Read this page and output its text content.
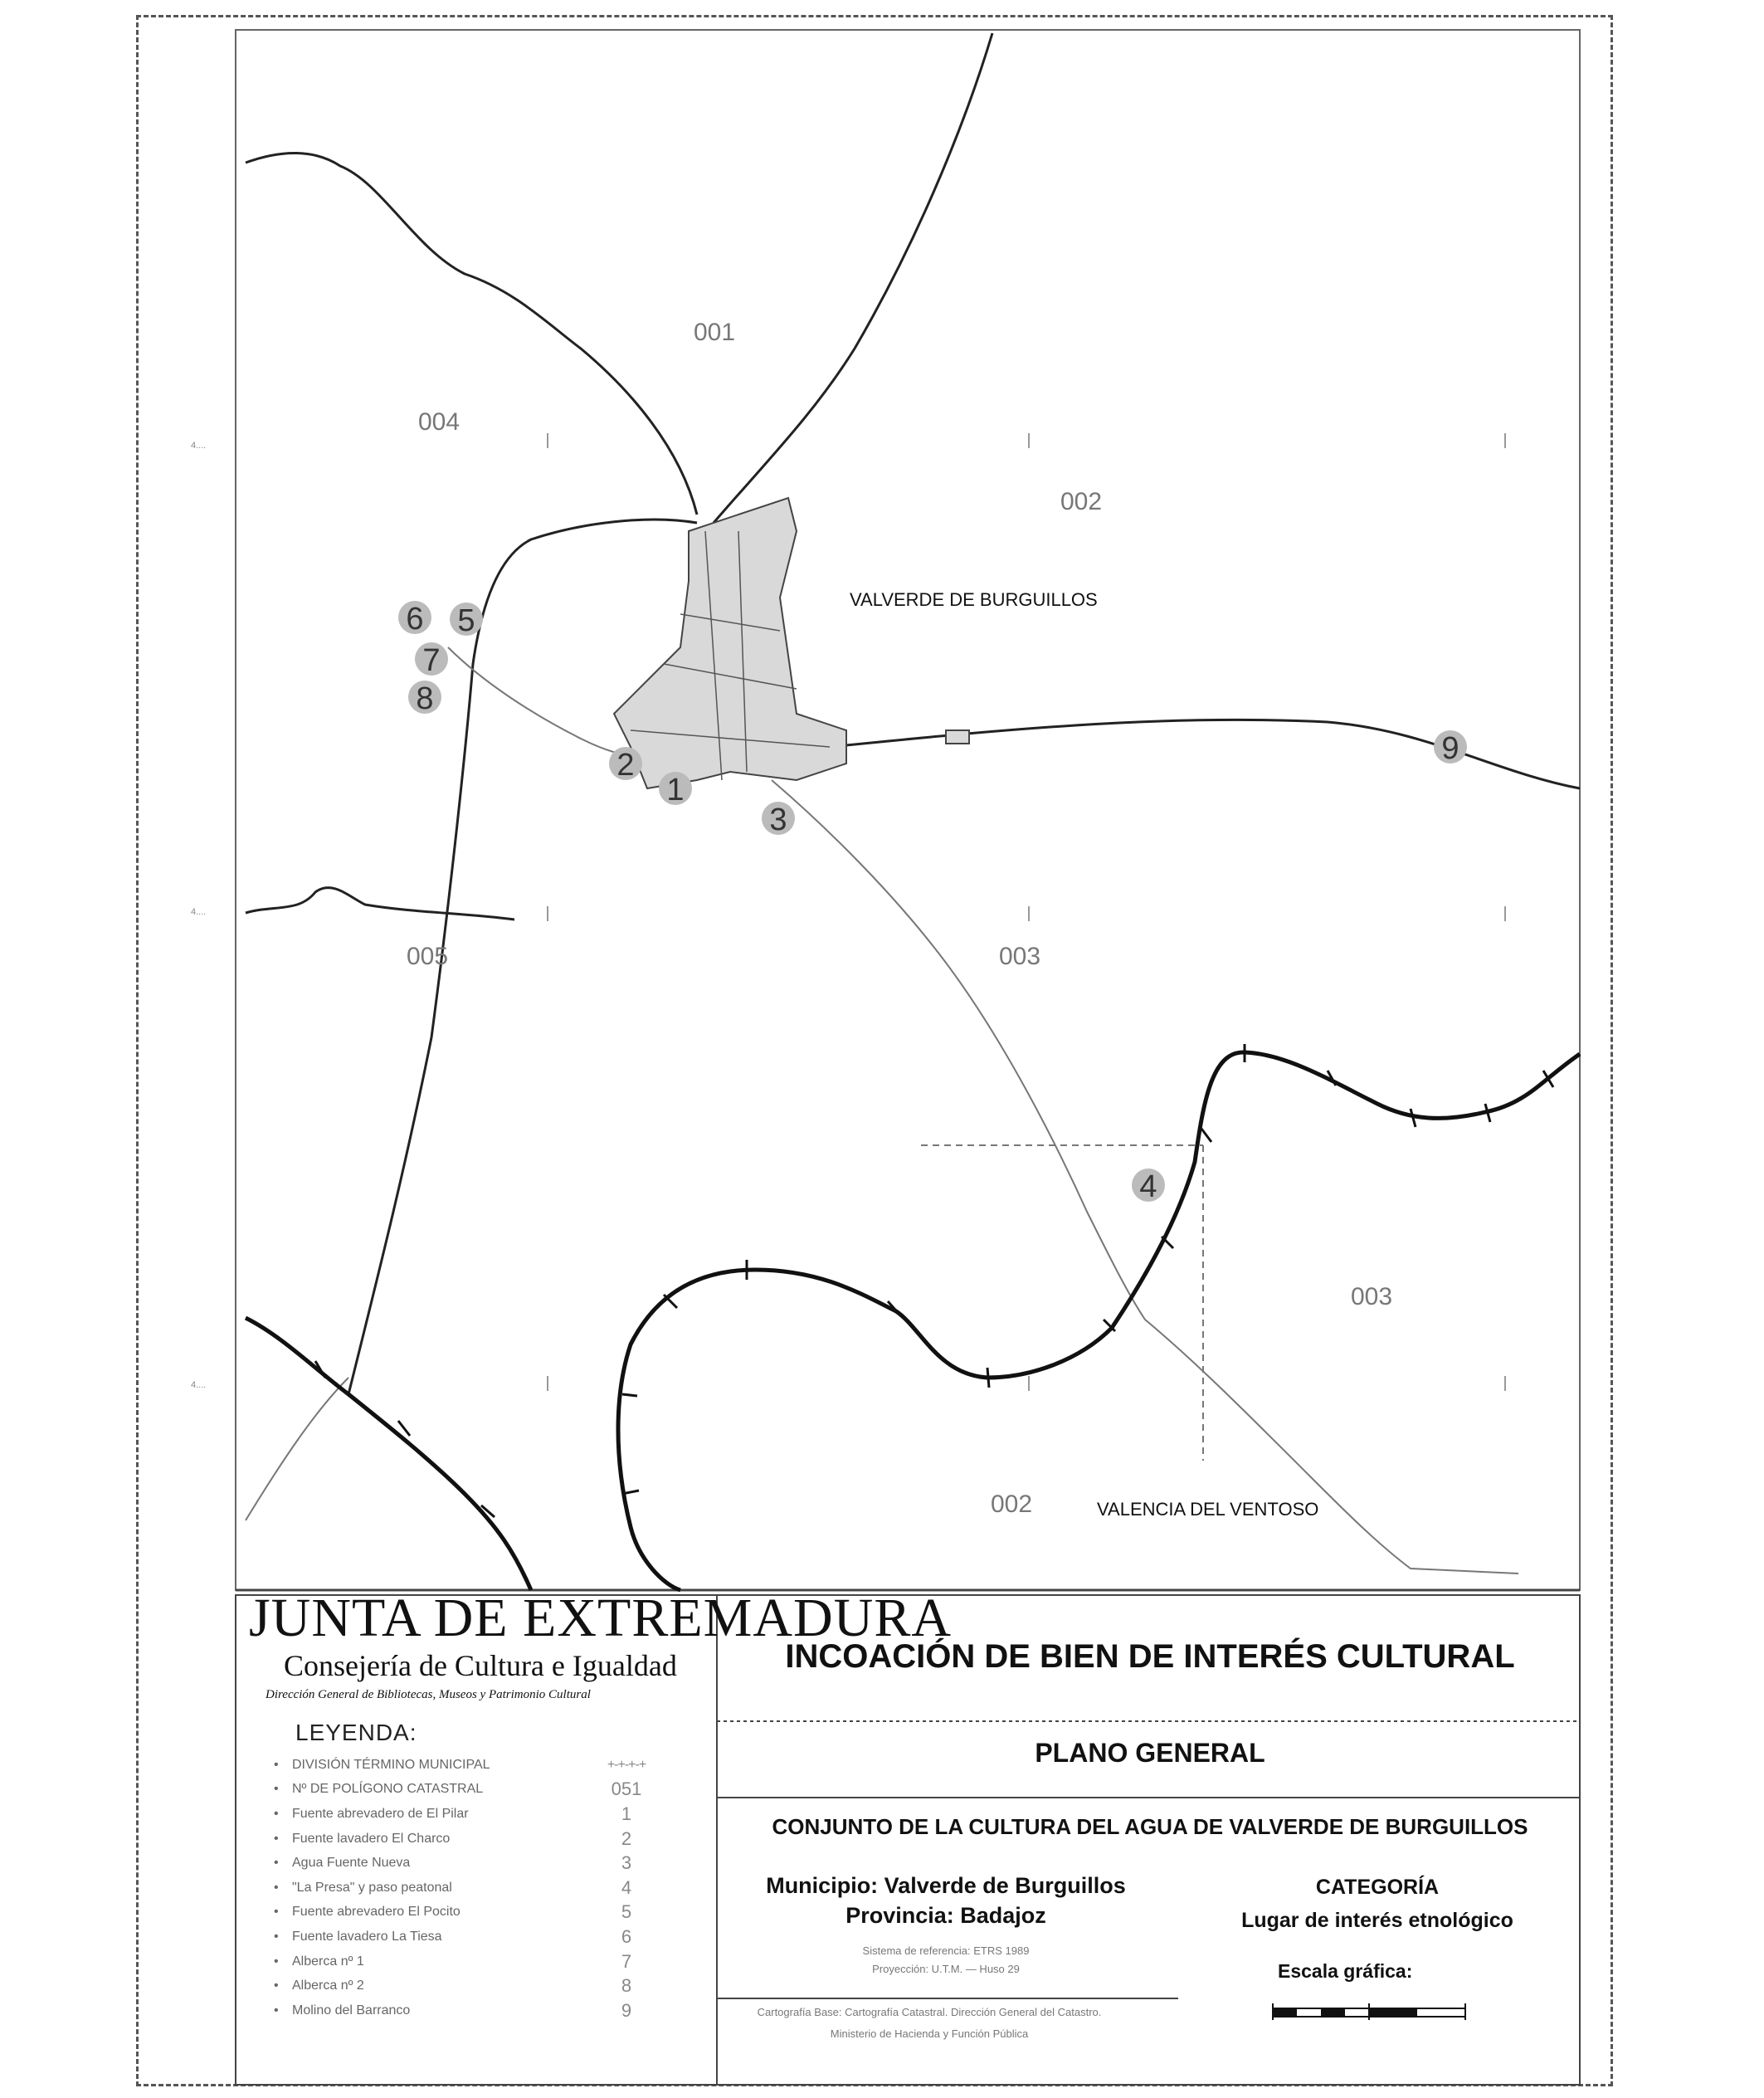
4....
4....
4....
001
004
002
005	003
003
002
VALVERDE DE BURGUILLOS
VALENCIA DEL VENTOSO
6 5
7
8
2
1
3
9
4
JUNTA DE EXTREMADURA
Consejería de Cultura e Igualdad
Dirección General de Bibliotecas, Museos y Patrimonio Cultural
LEYENDA:
•	DIVISIÓN TÉRMINO MUNICIPAL	+-+-+-+
•	Nº DE POLÍGONO CATASTRAL	051
•	Fuente abrevadero de El Pilar	1
•	Fuente lavadero El Charco	2
•	Agua Fuente Nueva	3
•	"La Presa" y paso peatonal	4
•	Fuente abrevadero El Pocito	5
•	Fuente lavadero La Tiesa	6
•	Alberca nº 1	7
•	Alberca nº 2	8
•	Molino del Barranco	9
INCOACIÓN DE BIEN DE INTERÉS CULTURAL
PLANO GENERAL
CONJUNTO DE LA CULTURA DEL AGUA DE VALVERDE DE BURGUILLOS
Municipio: Valverde de Burguillos
Provincia: Badajoz
CATEGORÍA
Lugar de interés etnológico
Sistema de referencia: ETRS 1989
Proyección: U.T.M. — Huso 29
Cartografía Base: Cartografía Catastral. Dirección General del Catastro.
Ministerio de Hacienda y Función Pública
Escala gráfica:
